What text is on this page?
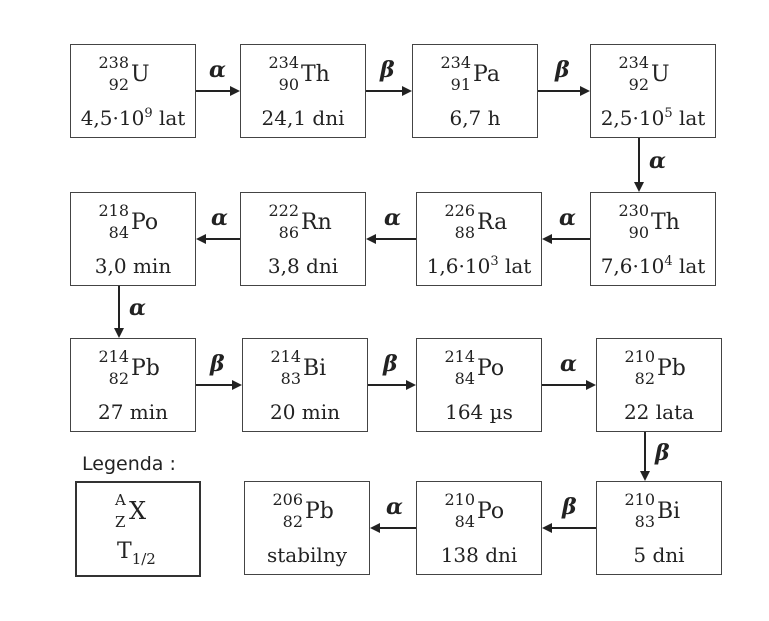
238
92 U
$4,5\cdot 10^9$ lat
234
90 Th
24,1 dni
234
91 Pa
6,7 h
234
92 U
$2,5\cdot 10^5$ lat
230
90 Th
$7,6\cdot 10^4$ lat
226
88 Ra
$1,6\cdot 10^3$ lat
222
86 Rn
3,8 dni
218
84 Po
3,0 min
214
82 Pb
27 min
214
83 Bi
20 min
214
84 Po
164 µs
210
82 Pb
22 lata
210
83 Bi
5 dni
210
84 Po
138 dni
206
82 Pb
stabilny
Legenda :
A
Z X
$T_{1/2}$
α	β	β
α
α
α
α
α
β	β	α
β
β
α
